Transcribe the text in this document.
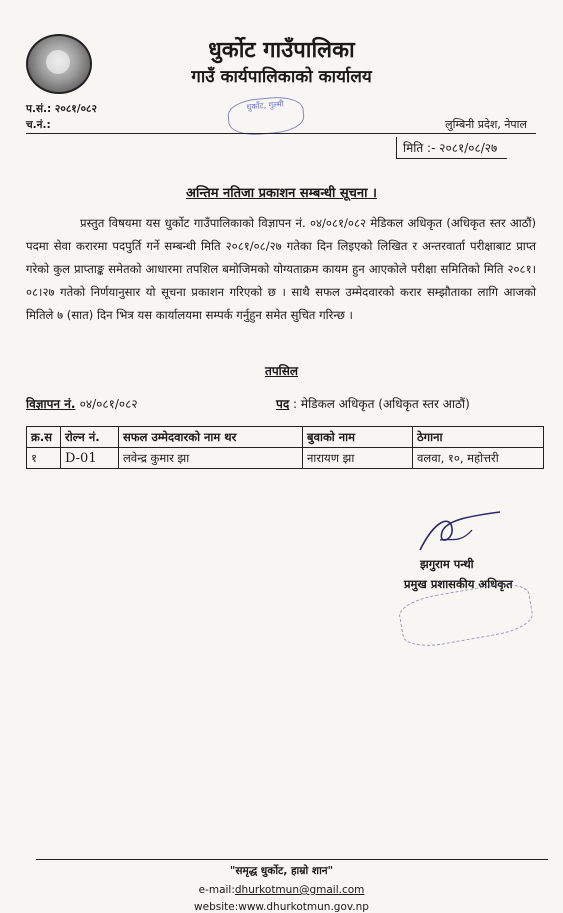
धुर्कोट गाउँपालिका
गाउँ कार्यपालिकाको कार्यालय
प.सं.: २०८१/०८२
च.नं.:
धुर्कोट, गुल्मी
लुम्बिनी प्रदेश, नेपाल
मिति :- २०८१/०८/२७
अन्तिम नतिजा प्रकाशन सम्बन्धी सूचना ।
प्रस्तुत विषयमा यस धुर्कोट गाउँपालिकाको विज्ञापन नं. ०४/०८१/०८२ मेडिकल अधिकृत (अधिकृत स्तर आठौं) पदमा सेवा करारमा पदपुर्ति गर्ने सम्बन्धी मिति २०८१/०८/२७ गतेका दिन लिइएको लिखित र अन्तरवार्ता परीक्षाबाट प्राप्त गरेको कुल प्राप्ताङ्क समेतको आधारमा तपशिल बमोजिमको योग्यताक्रम कायम हुन आएकोले परीक्षा समितिको मिति २०८१।०८।२७ गतेको निर्णयानुसार यो सूचना प्रकाशन गरिएको छ । साथै सफल उम्मेदवारको करार सम्झौताका लागि आजको मितिले ७ (सात) दिन भित्र यस कार्यालयमा सम्पर्क गर्नुहुन समेत सुचित गरिन्छ ।
तपसिल
विज्ञापन नं. ०४/०८१/०८२	पद : मेडिकल अधिकृत (अधिकृत स्तर आठौं)
क्र.स	रोल्न नं.	सफल उम्मेदवारको नाम थर	बुवाको नाम	ठेगाना
१	D-01	लवेन्द्र कुमार झा	नारायण झा	वलवा, १०, महोत्तरी
झगुराम पन्थी
प्रमुख प्रशासकीय अधिकृत
"समृद्ध धुर्कोट, हाम्रो शान"
e-mail:dhurkotmun@gmail.com
website:www.dhurkotmun.gov.np
